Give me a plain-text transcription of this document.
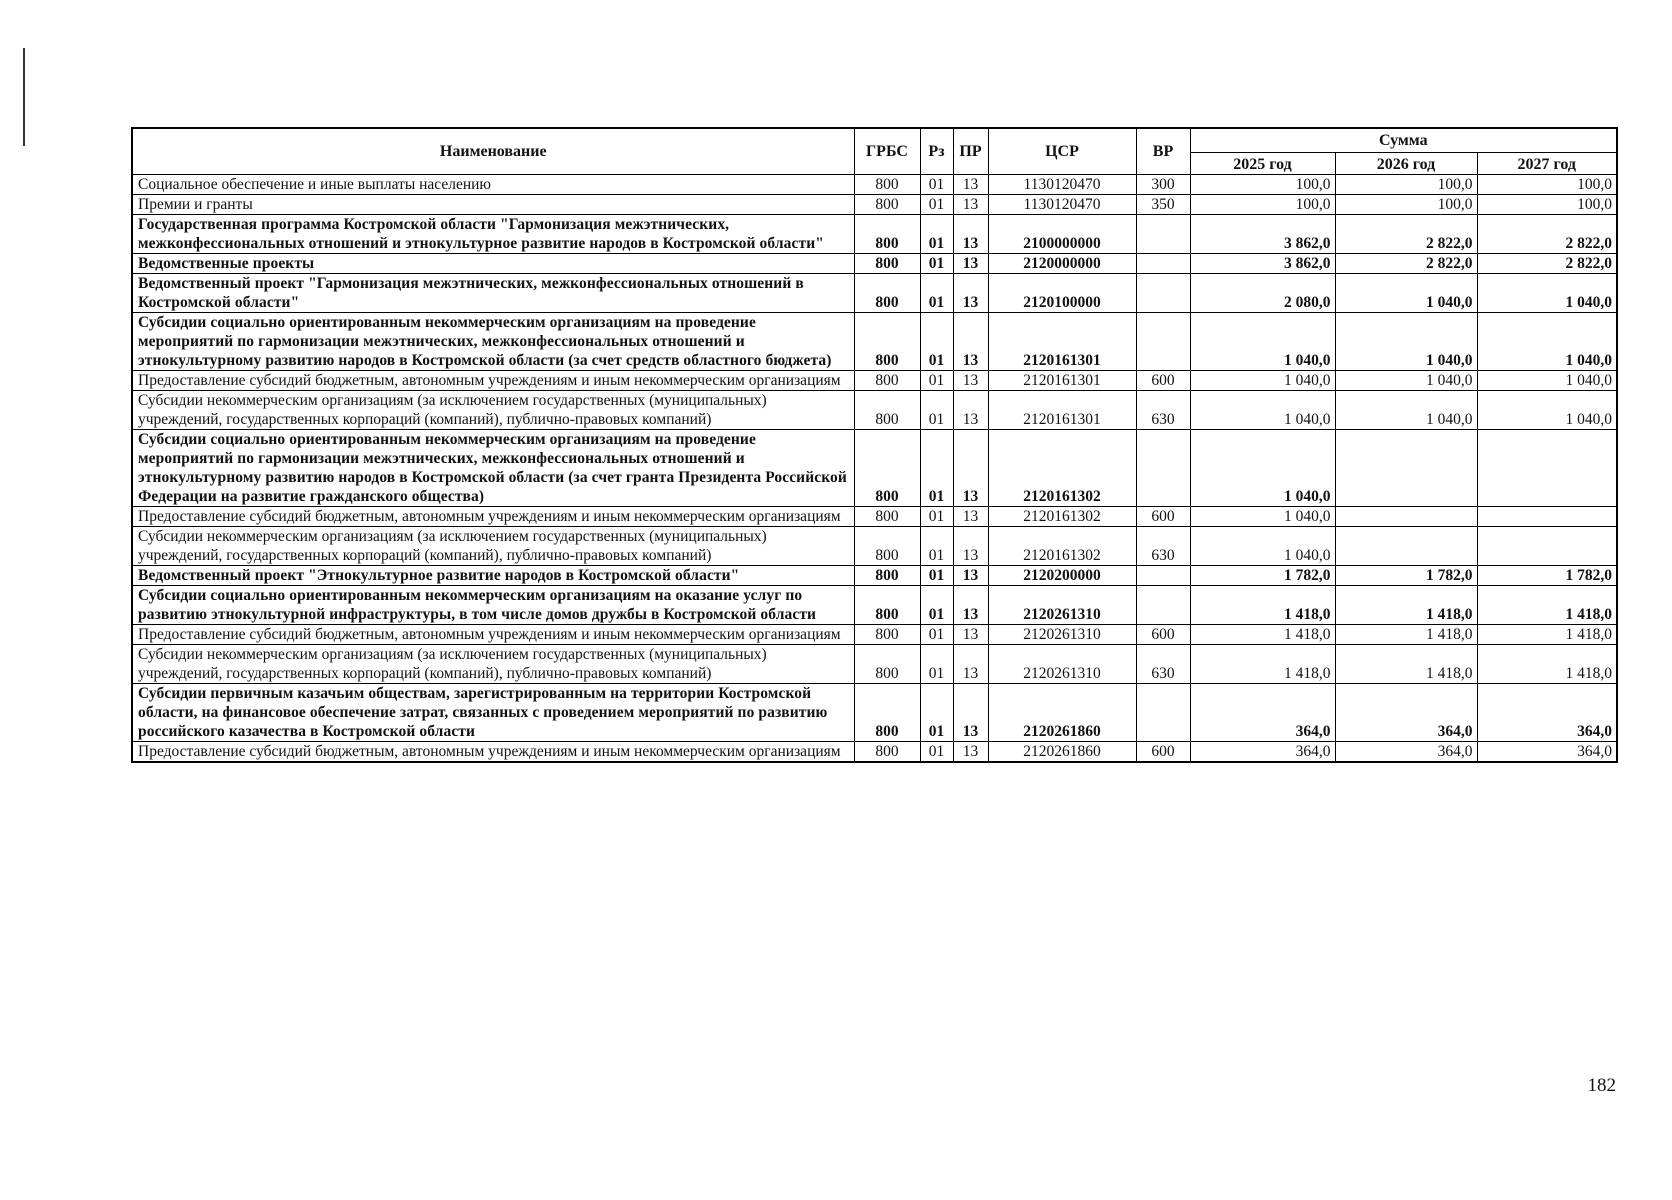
Наименование	ГРБС	Рз	ПР	ЦСР	ВР	Сумма		
						2025 год	2026 год	2027 год
Социальное обеспечение и иные выплаты населению	800	01	13	1130120470	300	100,0	100,0	100,0
Премии и гранты	800	01	13	1130120470	350	100,0	100,0	100,0
Государственная программа Костромской области "Гармонизация межэтнических, межконфессиональных отношений и этнокультурное развитие народов в Костромской области"	800	01	13	2100000000		3 862,0	2 822,0	2 822,0
Ведомственные проекты	800	01	13	2120000000		3 862,0	2 822,0	2 822,0
Ведомственный проект "Гармонизация межэтнических, межконфессиональных отношений в Костромской области"	800	01	13	2120100000		2 080,0	1 040,0	1 040,0
Субсидии социально ориентированным некоммерческим организациям на проведение мероприятий по гармонизации межэтнических, межконфессиональных отношений и этнокультурному развитию народов в Костромской области (за счет средств областного бюджета)	800	01	13	2120161301		1 040,0	1 040,0	1 040,0
Предоставление субсидий бюджетным, автономным учреждениям и иным некоммерческим организациям	800	01	13	2120161301	600	1 040,0	1 040,0	1 040,0
Субсидии некоммерческим организациям (за исключением государственных (муниципальных) учреждений, государственных корпораций (компаний), публично-правовых компаний)	800	01	13	2120161301	630	1 040,0	1 040,0	1 040,0
Субсидии социально ориентированным некоммерческим организациям на проведение мероприятий по гармонизации межэтнических, межконфессиональных отношений и этнокультурному развитию народов в Костромской области (за счет гранта Президента Российской Федерации на развитие гражданского общества)	800	01	13	2120161302		1 040,0		
Предоставление субсидий бюджетным, автономным учреждениям и иным некоммерческим организациям	800	01	13	2120161302	600	1 040,0		
Субсидии некоммерческим организациям (за исключением государственных (муниципальных) учреждений, государственных корпораций (компаний), публично-правовых компаний)	800	01	13	2120161302	630	1 040,0		
Ведомственный проект "Этнокультурное развитие народов в Костромской области"	800	01	13	2120200000		1 782,0	1 782,0	1 782,0
Субсидии социально ориентированным некоммерческим организациям на оказание услуг по развитию этнокультурной инфраструктуры, в том числе домов дружбы в Костромской области	800	01	13	2120261310		1 418,0	1 418,0	1 418,0
Предоставление субсидий бюджетным, автономным учреждениям и иным некоммерческим организациям	800	01	13	2120261310	600	1 418,0	1 418,0	1 418,0
Субсидии некоммерческим организациям (за исключением государственных (муниципальных) учреждений, государственных корпораций (компаний), публично-правовых компаний)	800	01	13	2120261310	630	1 418,0	1 418,0	1 418,0
Субсидии первичным казачьим обществам, зарегистрированным на территории Костромской области, на финансовое обеспечение затрат, связанных с проведением мероприятий по развитию российского казачества в Костромской области	800	01	13	2120261860		364,0	364,0	364,0
Предоставление субсидий бюджетным, автономным учреждениям и иным некоммерческим организациям	800	01	13	2120261860	600	364,0	364,0	364,0
182
